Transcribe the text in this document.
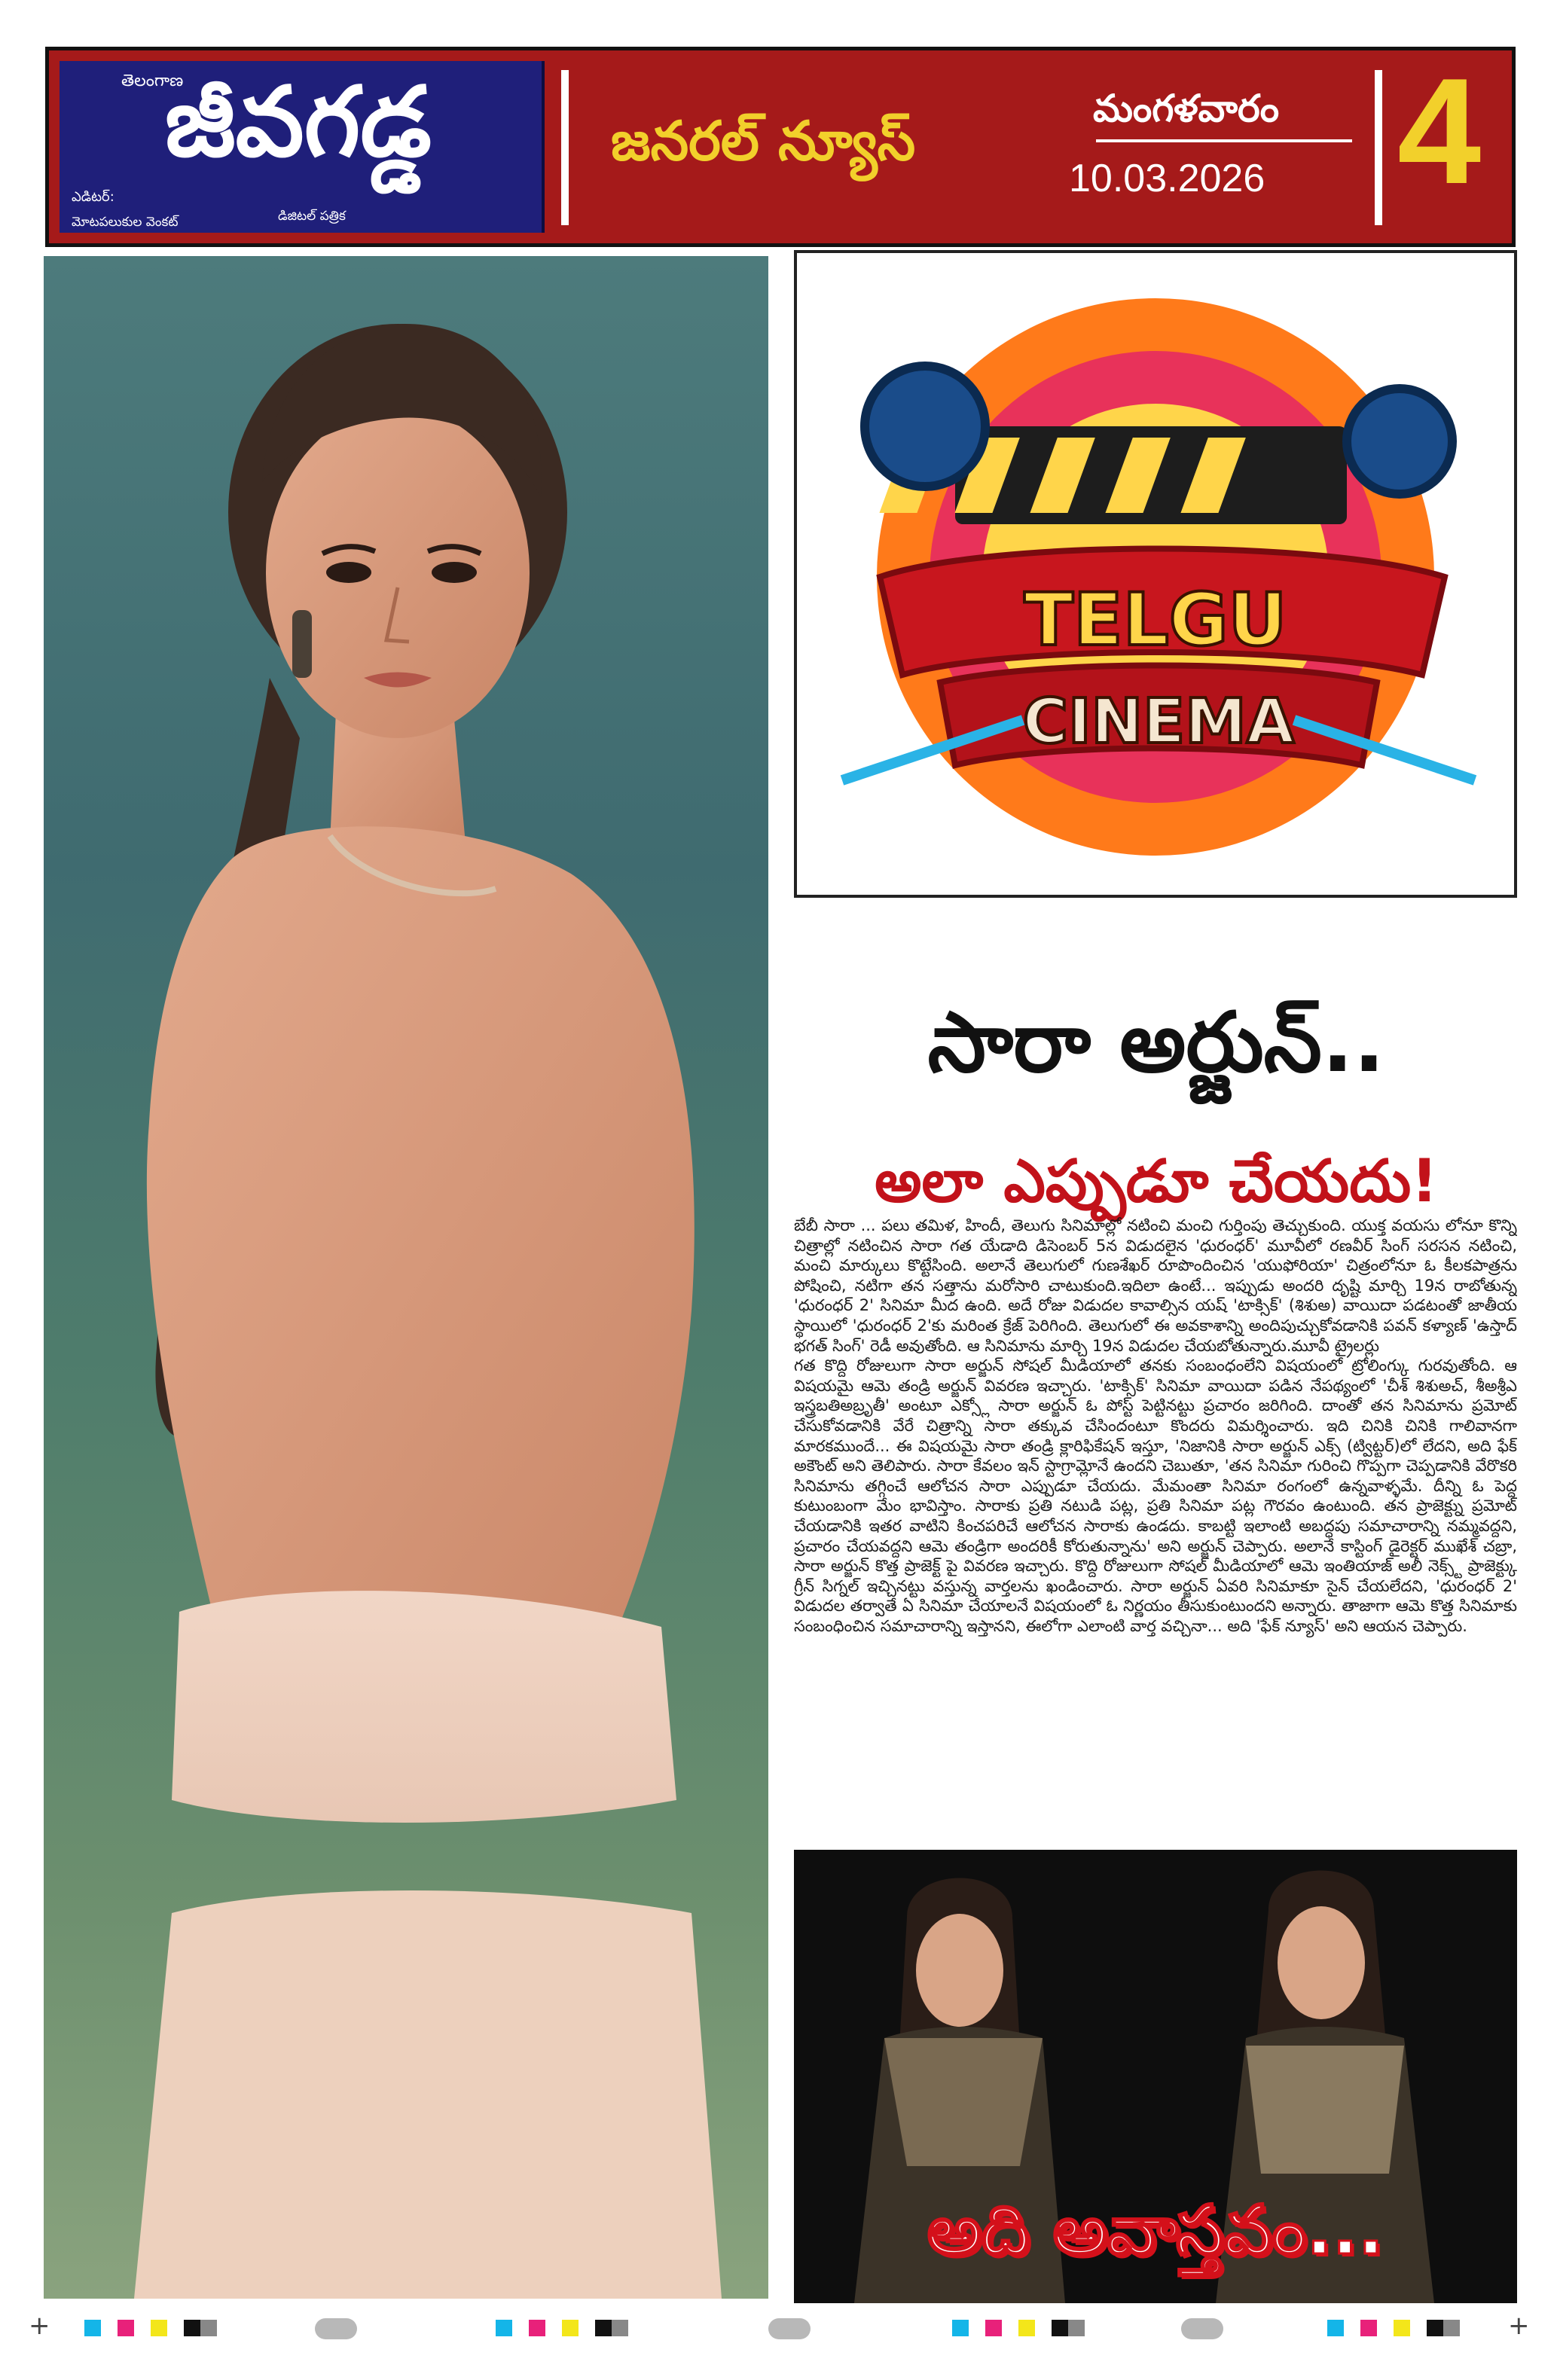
తెలంగాణ
జీవగడ్డ
ఎడిటర్:
మోటపలుకుల వెంకట్	డిజిటల్ పత్రిక
జనరల్ న్యూస్
మంగళవారం
10.03.2026 4
TELGU
CINEMA
సారా అర్జున్..
అలా ఎప్పుడూ చేయదు!

బేబీ సారా ... పలు తమిళ, హిందీ, తెలుగు సినిమాల్లో నటించి మంచి గుర్తింపు తెచ్చుకుంది. యుక్త వయసు లోనూ కొన్ని చిత్రాల్లో నటించిన సారా గత యేడాది డిసెంబర్ 5న విడుదలైన 'ధురంధర్' మూవీలో రణవీర్ సింగ్ సరసన నటించి, మంచి మార్కులు కొట్టేసింది. అలానే తెలుగులో గుణశేఖర్ రూపొందించిన 'యుఫోరియా' చిత్రంలోనూ ఓ కీలకపాత్రను పోషించి, నటిగా తన సత్తాను మరోసారి చాటుకుంది.ఇదిలా ఉంటే... ఇప్పుడు అందరి దృష్టి మార్చి 19న రాబోతున్న 'ధురంధర్ 2' సినిమా మీద ఉంది. అదే రోజు విడుదల కావాల్సిన యష్ 'టాక్సిక్' (శిశుఅ) వాయిదా పడటంతో జాతీయ స్థాయిలో 'ధురంధర్ 2'కు మరింత క్రేజ్ పెరిగింది. తెలుగులో ఈ అవకాశాన్ని అందిపుచ్చుకోవడానికి పవన్ కళ్యాణ్ 'ఉస్తాద్ భగత్ సింగ్' రెడీ అవుతోంది. ఆ సినిమాను మార్చి 19న విడుదల చేయబోతున్నారు.మూవీ ట్రైలర్లు

గత కొద్ది రోజులుగా సారా అర్జున్ సోషల్ మీడియాలో తనకు సంబంధంలేని విషయంలో ట్రోలింగ్కు గురవుతోంది. ఆ విషయమై ఆమె తండ్రి అర్జున్ వివరణ ఇచ్చారు. 'టాక్సిక్' సినిమా వాయిదా పడిన నేపథ్యంలో 'చీశ్ శిశుఅచ్, శీఅశ్రీఎ ఇస్త్రబతిఅబ్రృతీ' అంటూ ఎక్స్లో సారా అర్జున్ ఓ పోస్ట్ పెట్టినట్టు ప్రచారం జరిగింది. దాంతో తన సినిమాను ప్రమోట్ చేసుకోవడానికి వేరే చిత్రాన్ని సారా తక్కువ చేసిందంటూ కొందరు విమర్శించారు. ఇది చినికి చినికి గాలివానగా మారకముందే... ఈ విషయమై సారా తండ్రి క్లారిఫికేషన్ ఇస్తూ, 'నిజానికి సారా అర్జున్ ఎక్స్ (ట్విట్టర్)లో లేదని, అది ఫేక్ అకౌంట్ అని తెలిపారు. సారా కేవలం ఇన్ స్టాగ్రామ్లోనే ఉందని చెబుతూ, 'తన సినిమా గురించి గొప్పగా చెప్పడానికి వేరొకరి సినిమాను తగ్గించే ఆలోచన సారా ఎప్పుడూ చేయదు. మేమంతా సినిమా రంగంలో ఉన్నవాళ్ళమే. దీన్ని ఓ పెద్ద కుటుంబంగా మేం భావిస్తాం. సారాకు ప్రతి నటుడి పట్ల, ప్రతి సినిమా పట్ల గౌరవం ఉంటుంది. తన ప్రాజెక్ట్ను ప్రమోట్ చేయడానికి ఇతర వాటిని కించపరిచే ఆలోచన సారాకు ఉండదు. కాబట్టి ఇలాంటి అబద్ధపు సమాచారాన్ని నమ్మవద్దని, ప్రచారం చేయవద్దని ఆమె తండ్రిగా అందరికీ కోరుతున్నాను' అని అర్జున్ చెప్పారు. అలానే కాస్టింగ్ డైరెక్టర్ ముఖేశ్ చబ్రా, సారా అర్జున్ కొత్త ప్రాజెక్ట్ పై వివరణ ఇచ్చారు. కొద్ది రోజులుగా సోషల్ మీడియాలో ఆమె ఇంతియాజ్ అలీ నెక్స్ట్ ప్రాజెక్ట్కు గ్రీన్ సిగ్నల్ ఇచ్చినట్టు వస్తున్న వార్తలను ఖండించారు. సారా అర్జున్ ఏవరి సినిమాకూ సైన్ చేయలేదని, 'ధురంధర్ 2' విడుదల తర్వాతే ఏ సినిమా చేయాలనే విషయంలో ఓ నిర్ణయం తీసుకుంటుందని అన్నారు. తాజాగా ఆమె కొత్త సినిమాకు సంబంధించిన సమాచారాన్ని ఇస్తానని, ఈలోగా ఎలాంటి వార్త వచ్చినా... అది 'ఫేక్ న్యూస్' అని ఆయన చెప్పారు.

అది అవాస్తవం...
+	+
